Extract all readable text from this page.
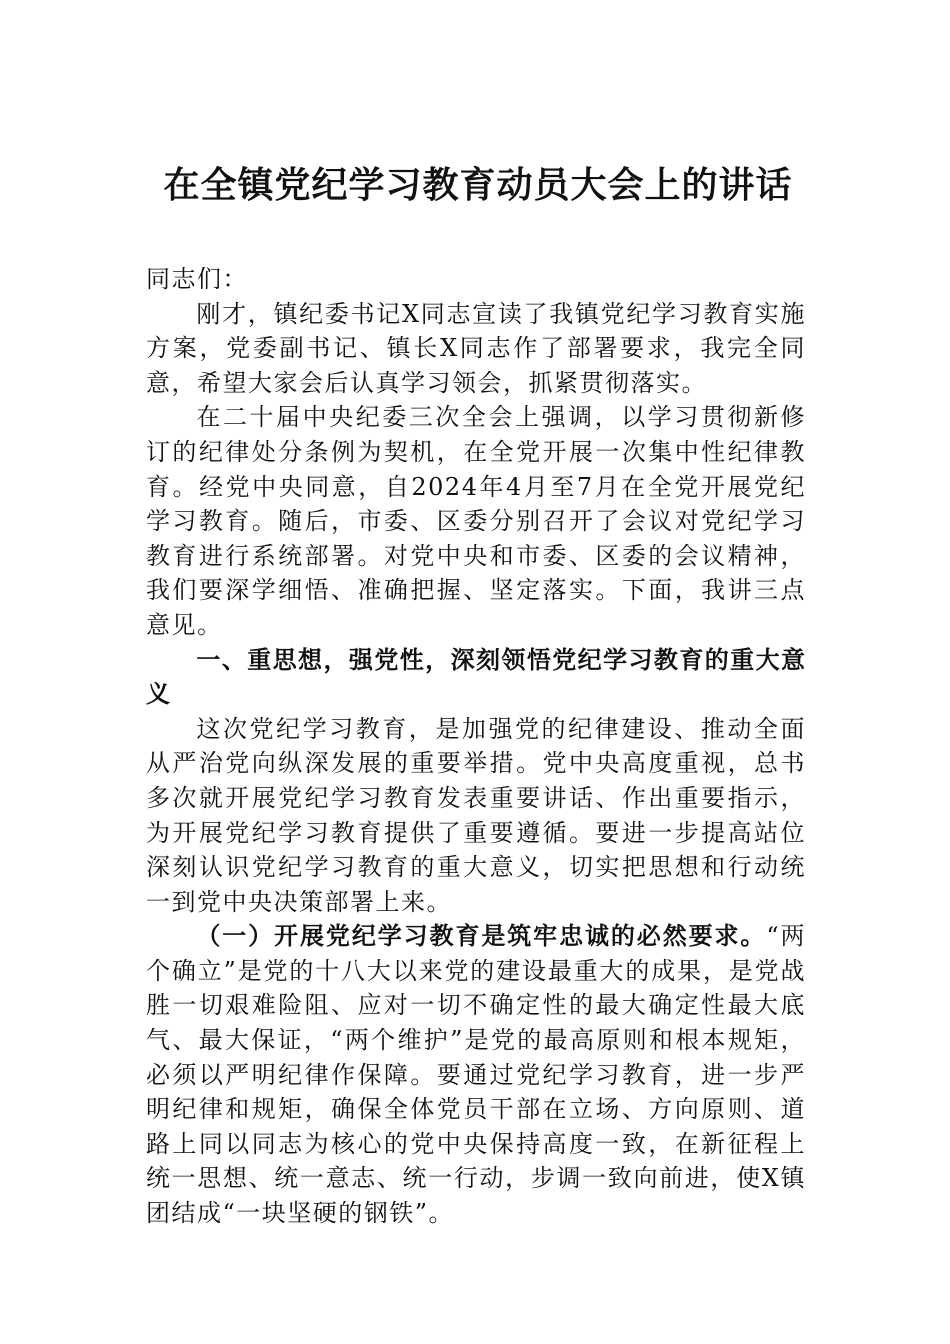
在全镇党纪学习教育动员大会上的讲话

同志们：

刚才，镇纪委书记X同志宣读了我镇党纪学习教育实施方案，党委副书记、镇长X同志作了部署要求，我完全同意，希望大家会后认真学习领会，抓紧贯彻落实。

在二十届中央纪委三次全会上强调，以学习贯彻新修订的纪律处分条例为契机，在全党开展一次集中性纪律教育。经党中央同意，自2024年4月至7月在全党开展党纪学习教育。随后，市委、区委分别召开了会议对党纪学习教育进行系统部署。对党中央和市委、区委的会议精神，我们要深学细悟、准确把握、坚定落实。下面，我讲三点意见。

一、重思想，强党性，深刻领悟党纪学习教育的重大意义

这次党纪学习教育，是加强党的纪律建设、推动全面从严治党向纵深发展的重要举措。党中央高度重视，总书多次就开展党纪学习教育发表重要讲话、作出重要指示，为开展党纪学习教育提供了重要遵循。要进一步提高站位深刻认识党纪学习教育的重大意义，切实把思想和行动统一到党中央决策部署上来。

（一）开展党纪学习教育是筑牢忠诚的必然要求。“两个确立”是党的十八大以来党的建设最重大的成果，是党战胜一切艰难险阻、应对一切不确定性的最大确定性最大底气、最大保证，“两个维护”是党的最高原则和根本规矩，必须以严明纪律作保障。要通过党纪学习教育，进一步严明纪律和规矩，确保全体党员干部在立场、方向原则、道路上同以同志为核心的党中央保持高度一致，在新征程上统一思想、统一意志、统一行动，步调一致向前进，使X镇团结成“一块坚硬的钢铁”。
